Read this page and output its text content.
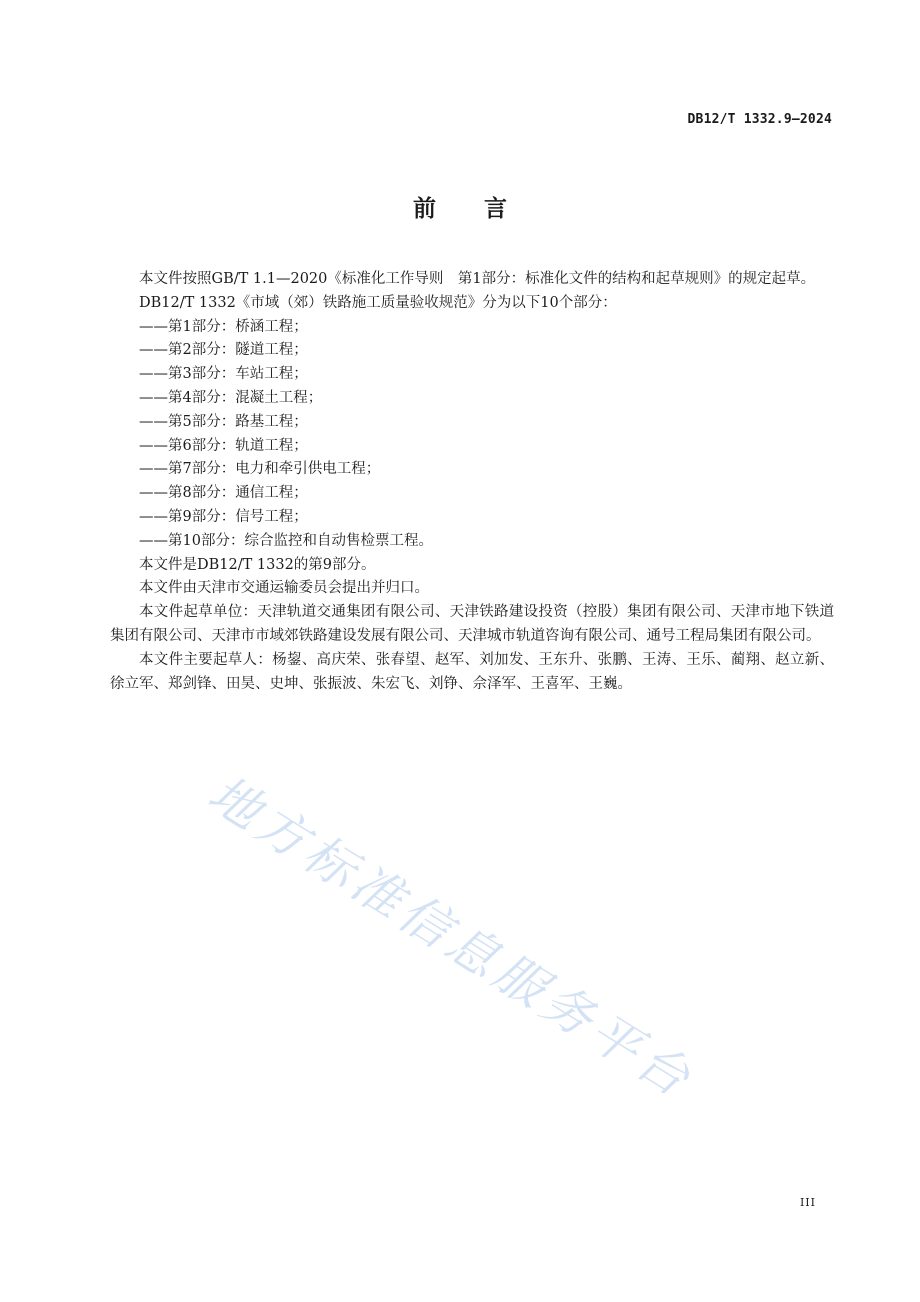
DB12/T 1332.9—2024
前言

本文件按照GB/T 1.1—2020《标准化工作导则　第1部分：标准化文件的结构和起草规则》的规定起草。

DB12/T 1332《市域（郊）铁路施工质量验收规范》分为以下10个部分：

——第1部分：桥涵工程；
——第2部分：隧道工程；
——第3部分：车站工程；
——第4部分：混凝土工程；
——第5部分：路基工程；
——第6部分：轨道工程；
——第7部分：电力和牵引供电工程；
——第8部分：通信工程；
——第9部分：信号工程；
——第10部分：综合监控和自动售检票工程。

本文件是DB12/T 1332的第9部分。

本文件由天津市交通运输委员会提出并归口。

本文件起草单位：天津轨道交通集团有限公司、天津铁路建设投资（控股）集团有限公司、天津市地下铁道集团有限公司、天津市市域郊铁路建设发展有限公司、天津城市轨道咨询有限公司、通号工程局集团有限公司。

本文件主要起草人：杨鋆、高庆荣、张春望、赵军、刘加发、王东升、张鹏、王涛、王乐、蔺翔、赵立新、徐立军、郑剑锋、田昊、史坤、张振波、朱宏飞、刘铮、佘泽军、王喜军、王巍。

地方标准信息服务平台
III
